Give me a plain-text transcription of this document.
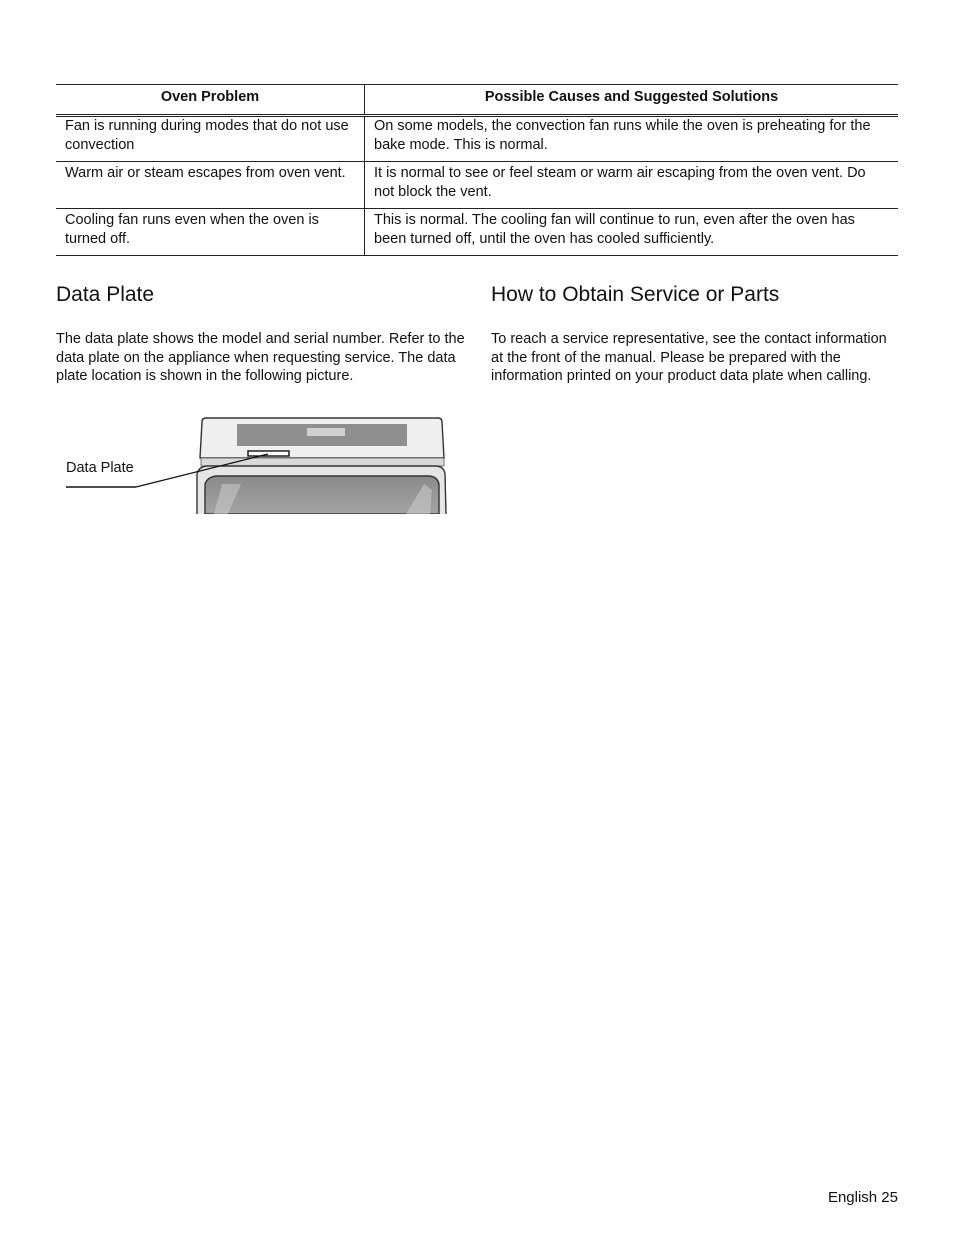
Oven Problem	Possible Causes and Suggested Solutions
Fan is running during modes that do not use convection	On some models, the convection fan runs while the oven is preheating for the bake mode. This is normal.
Warm air or steam escapes from oven vent.	It is normal to see or feel steam or warm air escaping from the oven vent. Do not block the vent.
Cooling fan runs even when the oven is turned off.	This is normal. The cooling fan will continue to run, even after the oven has been turned off, until the oven has cooled sufficiently.
Data Plate

The data plate shows the model and serial number. Refer to the data plate on the appliance when requesting service. The data plate location is shown in the following picture.

How to Obtain Service or Parts

To reach a service representative, see the contact information at the front of the manual. Please be prepared with the information printed on your product data plate when calling.

Data Plate
English 25
